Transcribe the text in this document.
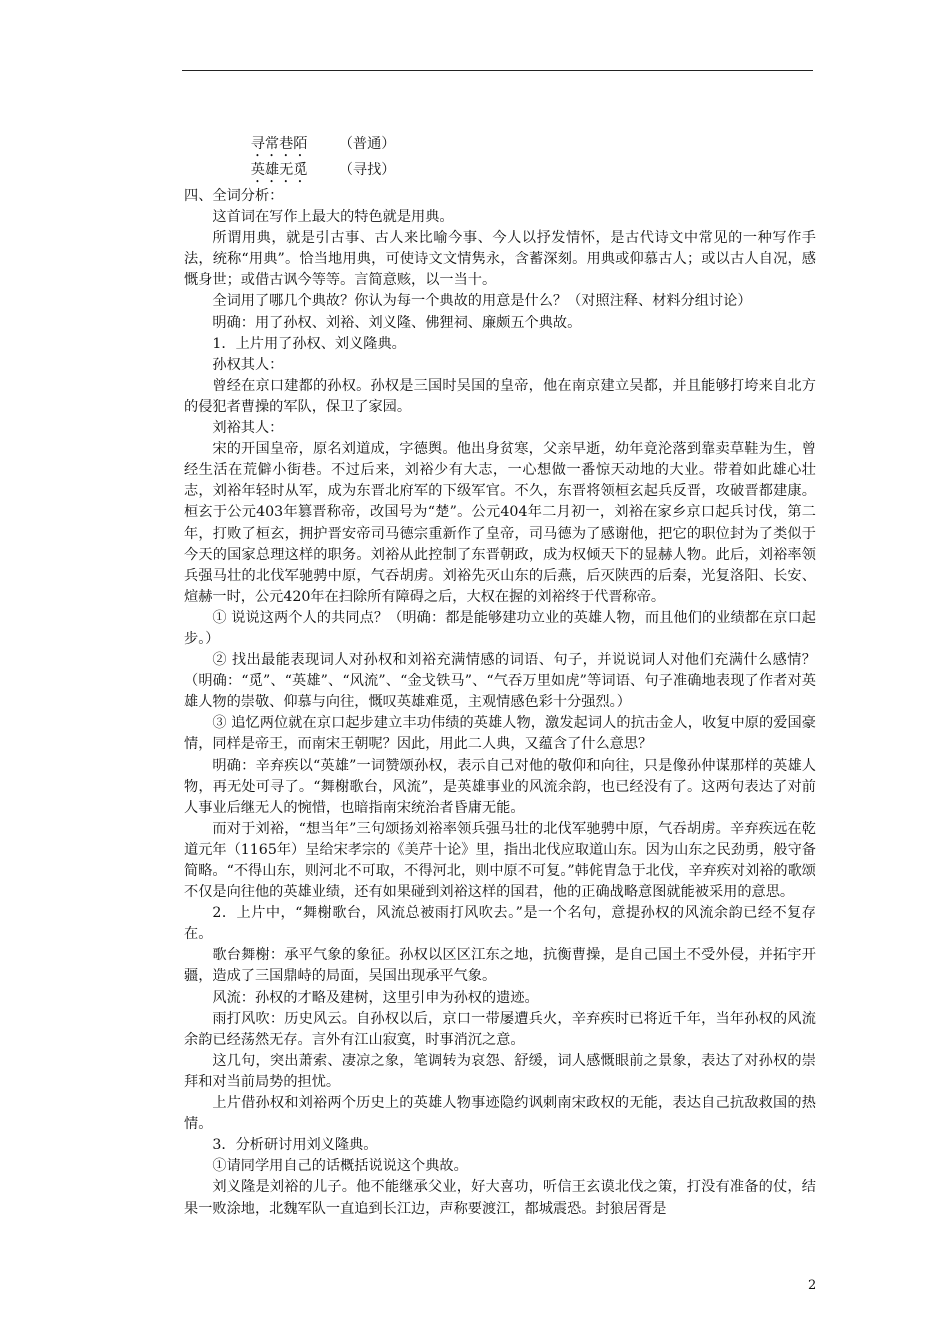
寻常巷陌 （普通）

英雄无觅 （寻找）

四、全词分析：

这首词在写作上最大的特色就是用典。

所谓用典，就是引古事、古人来比喻今事、今人以抒发情怀，是古代诗文中常见的一种写作手法，统称“用典”。恰当地用典，可使诗文文情隽永，含蓄深刻。用典或仰慕古人；或以古人自况，感慨身世；或借古讽今等等。言简意赅，以一当十。

全词用了哪几个典故？你认为每一个典故的用意是什么？（对照注释、材料分组讨论）

明确：用了孙权、刘裕、刘义隆、佛狸祠、廉颇五个典故。

1．上片用了孙权、刘义隆典。

孙权其人：

曾经在京口建都的孙权。孙权是三国时吴国的皇帝，他在南京建立吴都，并且能够打垮来自北方的侵犯者曹操的军队，保卫了家园。

刘裕其人：

宋的开国皇帝，原名刘道成，字德舆。他出身贫寒，父亲早逝，幼年竟沦落到靠卖草鞋为生，曾经生活在荒僻小街巷。不过后来，刘裕少有大志，一心想做一番惊天动地的大业。带着如此雄心壮志，刘裕年轻时从军，成为东晋北府军的下级军官。不久，东晋将领桓玄起兵反晋，攻破晋都建康。桓玄于公元403年篡晋称帝，改国号为“楚”。公元404年二月初一，刘裕在家乡京口起兵讨伐，第二年，打败了桓玄，拥护晋安帝司马德宗重新作了皇帝，司马德为了感谢他，把它的职位封为了类似于今天的国家总理这样的职务。刘裕从此控制了东晋朝政，成为权倾天下的显赫人物。此后，刘裕率领兵强马壮的北伐军驰骋中原，气吞胡虏。刘裕先灭山东的后燕，后灭陕西的后秦，光复洛阳、长安、煊赫一时，公元420年在扫除所有障碍之后，大权在握的刘裕终于代晋称帝。

① 说说这两个人的共同点？（明确：都是能够建功立业的英雄人物，而且他们的业绩都在京口起步。）

② 找出最能表现词人对孙权和刘裕充满情感的词语、句子，并说说词人对他们充满什么感情？（明确：“觅”、“英雄”、“风流”、“金戈铁马”、“气吞万里如虎”等词语、句子准确地表现了作者对英雄人物的崇敬、仰慕与向往，慨叹英雄难觅，主观情感色彩十分强烈。）

③ 追忆两位就在京口起步建立丰功伟绩的英雄人物，激发起词人的抗击金人，收复中原的爱国豪情，同样是帝王，而南宋王朝呢？因此，用此二人典，又蕴含了什么意思？

明确：辛弃疾以“英雄”一词赞颂孙权，表示自己对他的敬仰和向往，只是像孙仲谋那样的英雄人物，再无处可寻了。“舞榭歌台，风流”，是英雄事业的风流余韵，也已经没有了。这两句表达了对前人事业后继无人的惋惜，也暗指南宋统治者昏庸无能。

而对于刘裕，“想当年”三句颂扬刘裕率领兵强马壮的北伐军驰骋中原，气吞胡虏。辛弃疾远在乾道元年（1165年）呈给宋孝宗的《美芹十论》里，指出北伐应取道山东。因为山东之民劲勇，般守备简略。“不得山东，则河北不可取，不得河北，则中原不可复。”韩侂胄急于北伐，辛弃疾对刘裕的歌颂不仅是向往他的英雄业绩，还有如果碰到刘裕这样的国君，他的正确战略意图就能被采用的意思。

2．上片中，“舞榭歌台，风流总被雨打风吹去。”是一个名句，意提孙权的风流余韵已经不复存在。

歌台舞榭：承平气象的象征。孙权以区区江东之地，抗衡曹操，是自己国土不受外侵，并拓宇开疆，造成了三国鼎峙的局面，吴国出现承平气象。

风流：孙权的才略及建树，这里引申为孙权的遗迹。

雨打风吹：历史风云。自孙权以后，京口一带屡遭兵火，辛弃疾时已将近千年，当年孙权的风流余韵已经荡然无存。言外有江山寂寞，时事消沉之意。

这几句，突出萧索、凄凉之象，笔调转为哀怨、舒缓，词人感慨眼前之景象，表达了对孙权的崇拜和对当前局势的担忧。

上片借孙权和刘裕两个历史上的英雄人物事迹隐约讽刺南宋政权的无能，表达自己抗敌救国的热情。

3．分析研讨用刘义隆典。

①请同学用自己的话概括说说这个典故。

刘义隆是刘裕的儿子。他不能继承父业，好大喜功，听信王玄谟北伐之策，打没有准备的仗，结果一败涂地，北魏军队一直追到长江边，声称要渡江，都城震恐。封狼居胥是

2
